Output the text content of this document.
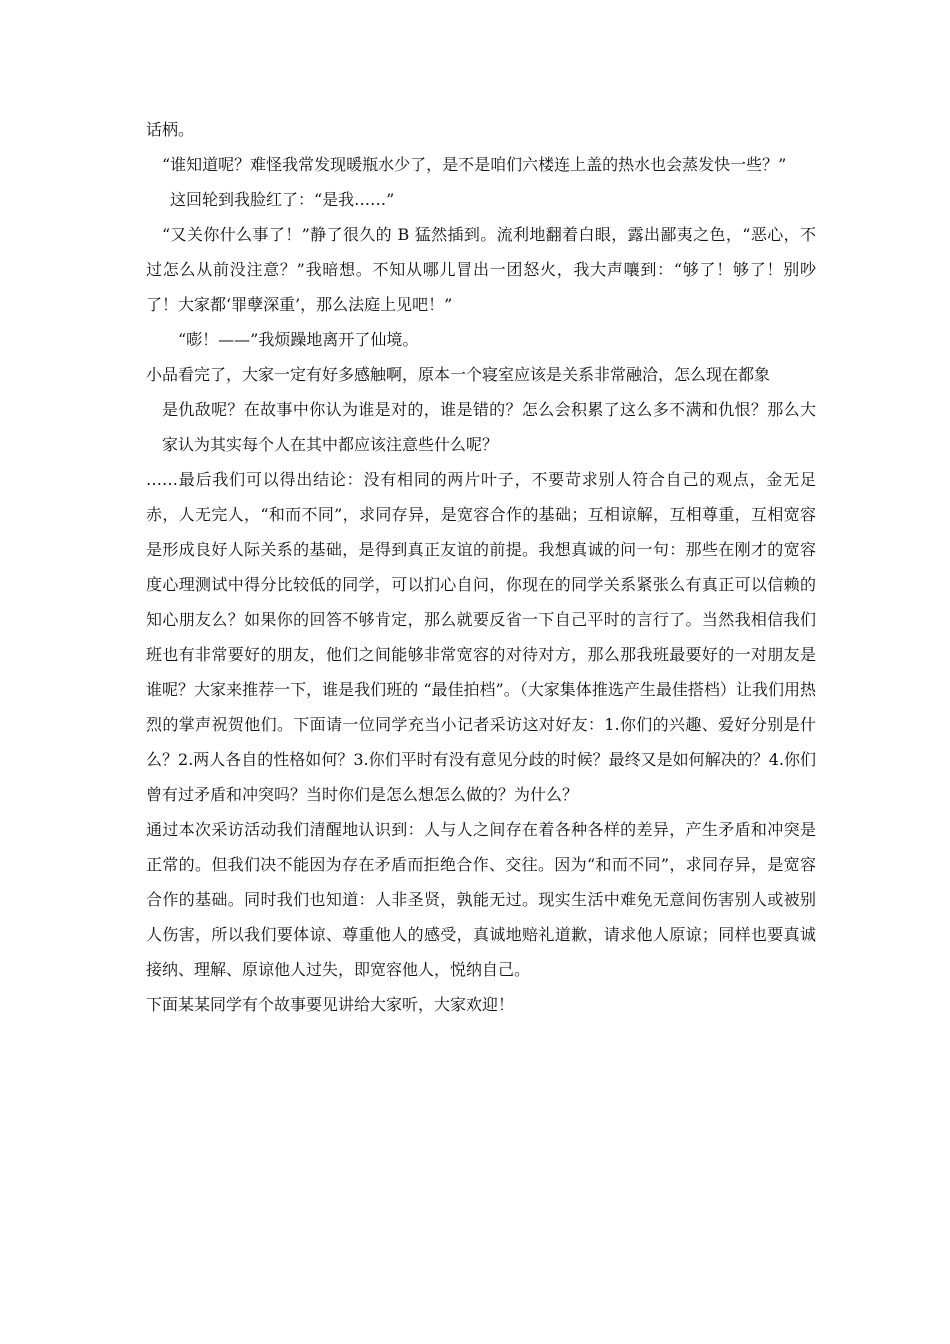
话柄。

“谁知道呢？难怪我常发现暖瓶水少了，是不是咱们六楼连上盖的热水也会蒸发快一些？”

这回轮到我脸红了：“是我……”

“又关你什么事了！”静了很久的 B 猛然插到。流利地翻着白眼，露出鄙夷之色，“恶心，不过怎么从前没注意？”我暗想。不知从哪儿冒出一团怒火，我大声嚷到：“够了！够了！别吵了！大家都‘罪孽深重’，那么法庭上见吧！”

“嘭！——”我烦躁地离开了仙境。

小品看完了，大家一定有好多感触啊，原本一个寝室应该是关系非常融洽，怎么现在都象

是仇敌呢？在故事中你认为谁是对的，谁是错的？怎么会积累了这么多不满和仇恨？那么大家认为其实每个人在其中都应该注意些什么呢？

……最后我们可以得出结论：没有相同的两片叶子，不要苛求别人符合自己的观点，金无足赤，人无完人，“和而不同”，求同存异，是宽容合作的基础；互相谅解，互相尊重，互相宽容是形成良好人际关系的基础，是得到真正友谊的前提。我想真诚的问一句：那些在刚才的宽容度心理测试中得分比较低的同学，可以扪心自问，你现在的同学关系紧张么有真正可以信赖的知心朋友么？如果你的回答不够肯定，那么就要反省一下自己平时的言行了。当然我相信我们班也有非常要好的朋友，他们之间能够非常宽容的对待对方，那么那我班最要好的一对朋友是谁呢？大家来推荐一下，谁是我们班的 “最佳拍档”。（大家集体推选产生最佳搭档）让我们用热烈的掌声祝贺他们。下面请一位同学充当小记者采访这对好友：1.你们的兴趣、爱好分别是什么？2.两人各自的性格如何？3.你们平时有没有意见分歧的时候？最终又是如何解决的？4.你们曾有过矛盾和冲突吗？当时你们是怎么想怎么做的？为什么？

通过本次采访活动我们清醒地认识到：人与人之间存在着各种各样的差异，产生矛盾和冲突是正常的。但我们决不能因为存在矛盾而拒绝合作、交往。因为“和而不同”，求同存异，是宽容合作的基础。同时我们也知道：人非圣贤，孰能无过。现实生活中难免无意间伤害别人或被别人伤害，所以我们要体谅、尊重他人的感受，真诚地赔礼道歉，请求他人原谅；同样也要真诚接纳、理解、原谅他人过失，即宽容他人，悦纳自己。

下面某某同学有个故事要见讲给大家听，大家欢迎！
